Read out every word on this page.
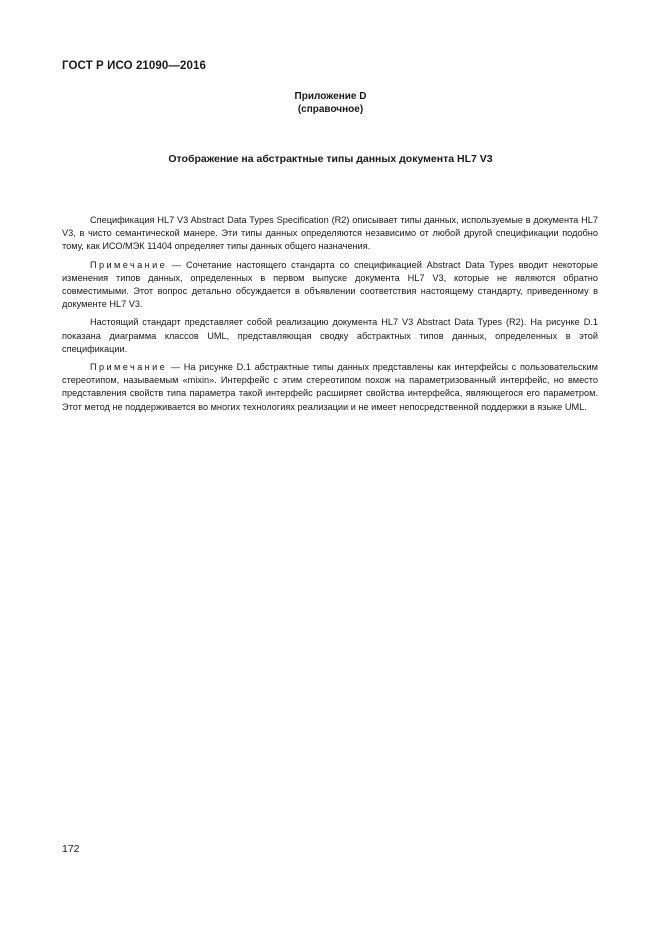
ГОСТ Р ИСО 21090—2016
Приложение D
(справочное)
Отображение на абстрактные типы данных документа HL7 V3

Спецификация HL7 V3 Abstract Data Types Specification (R2) описывает типы данных, используемые в документа HL7 V3, в чисто семантической манере. Эти типы данных определяются независимо от любой другой спецификации подобно тому, как ИСО/МЭК 11404 определяет типы данных общего назначения.

Примечание — Сочетание настоящего стандарта со спецификацией Abstract Data Types вводит некоторые изменения типов данных, определенных в первом выпуске документа HL7 V3, которые не являются обратно совместимыми. Этот вопрос детально обсуждается в объявлении соответствия настоящему стандарту, приведенному в документе HL7 V3.

Настоящий стандарт представляет собой реализацию документа HL7 V3 Abstract Data Types (R2). На рисунке D.1 показана диаграмма классов UML, представляющая сводку абстрактных типов данных, определенных в этой спецификации.

Примечание — На рисунке D.1 абстрактные типы данных представлены как интерфейсы с пользовательским стереотипом, называемым «mixin». Интерфейс с этим стереотипом похож на параметризованный интерфейс, но вместо представления свойств типа параметра такой интерфейс расширяет свойства интерфейса, являющегося его параметром. Этот метод не поддерживается во многих технологиях реализации и не имеет непосредственной поддержки в языке UML.

172
